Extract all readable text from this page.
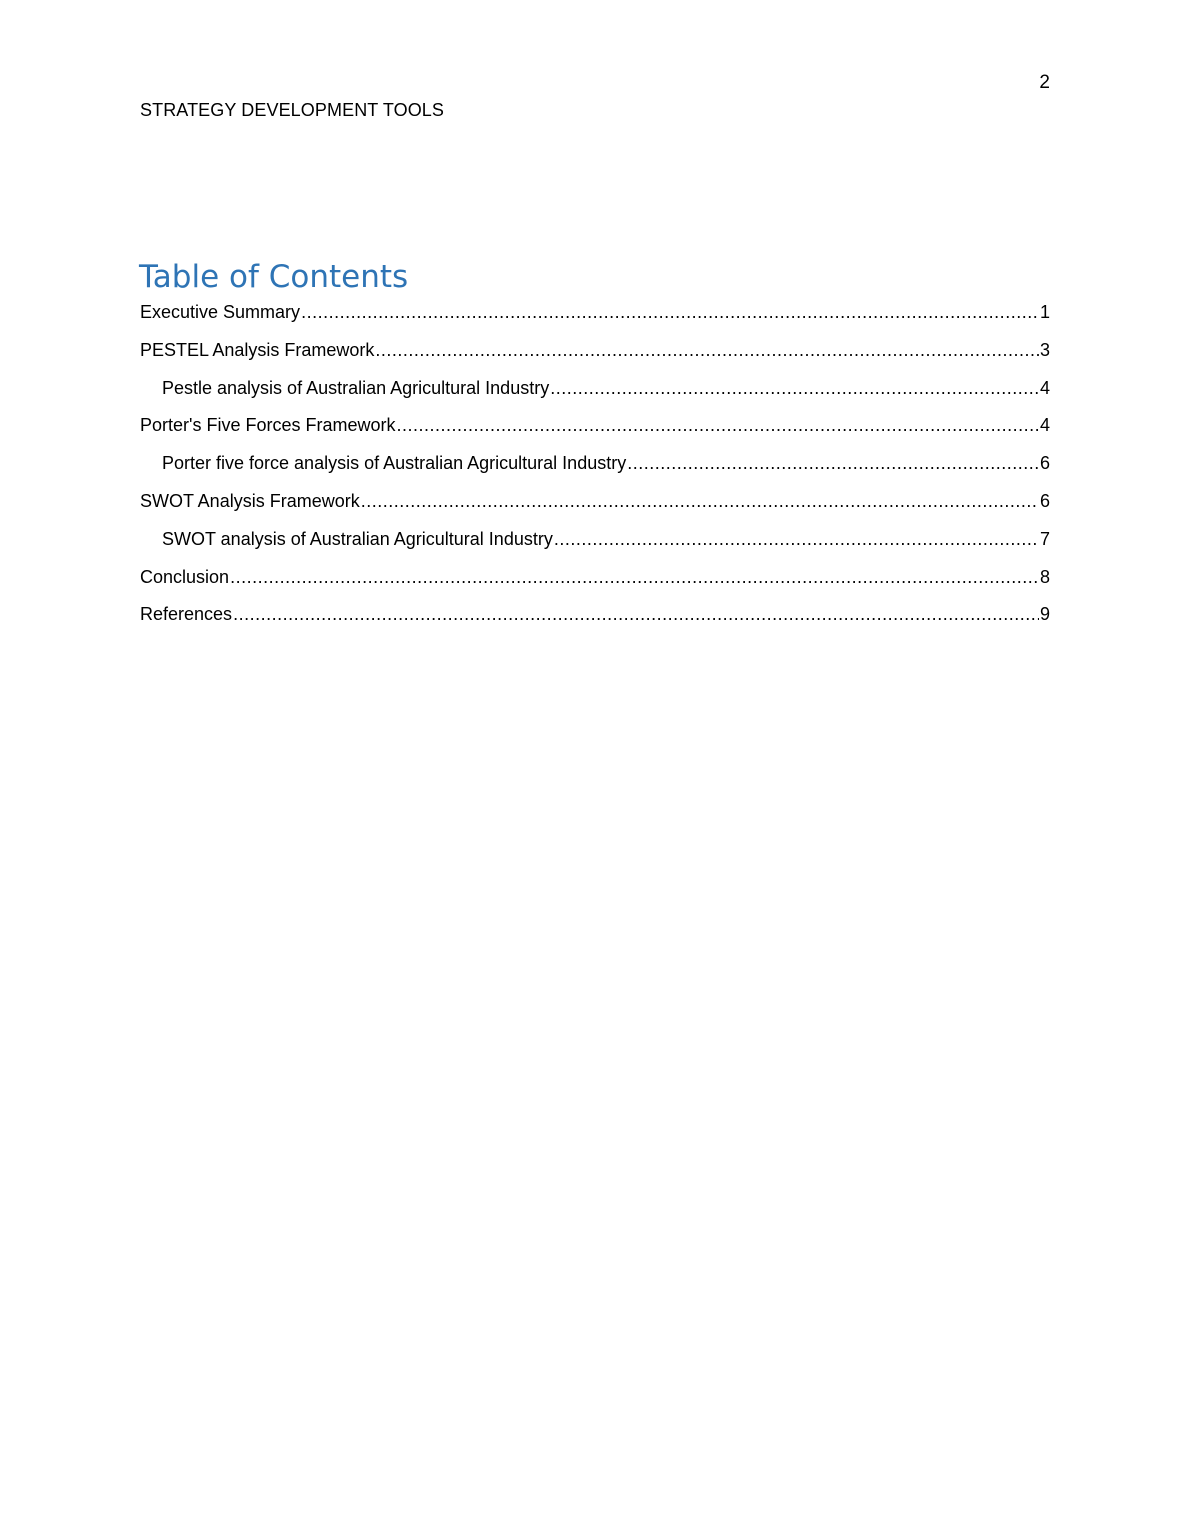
2
STRATEGY DEVELOPMENT TOOLS
Table of Contents
Executive Summary .....	1
PESTEL Analysis Framework .....	3
Pestle analysis of Australian Agricultural Industry .....	4
Porter's Five Forces Framework .....	4
Porter five force analysis of Australian Agricultural Industry .....	6
SWOT Analysis Framework .....	6
SWOT analysis of Australian Agricultural Industry .....	7
Conclusion .....	8
References .....	9
